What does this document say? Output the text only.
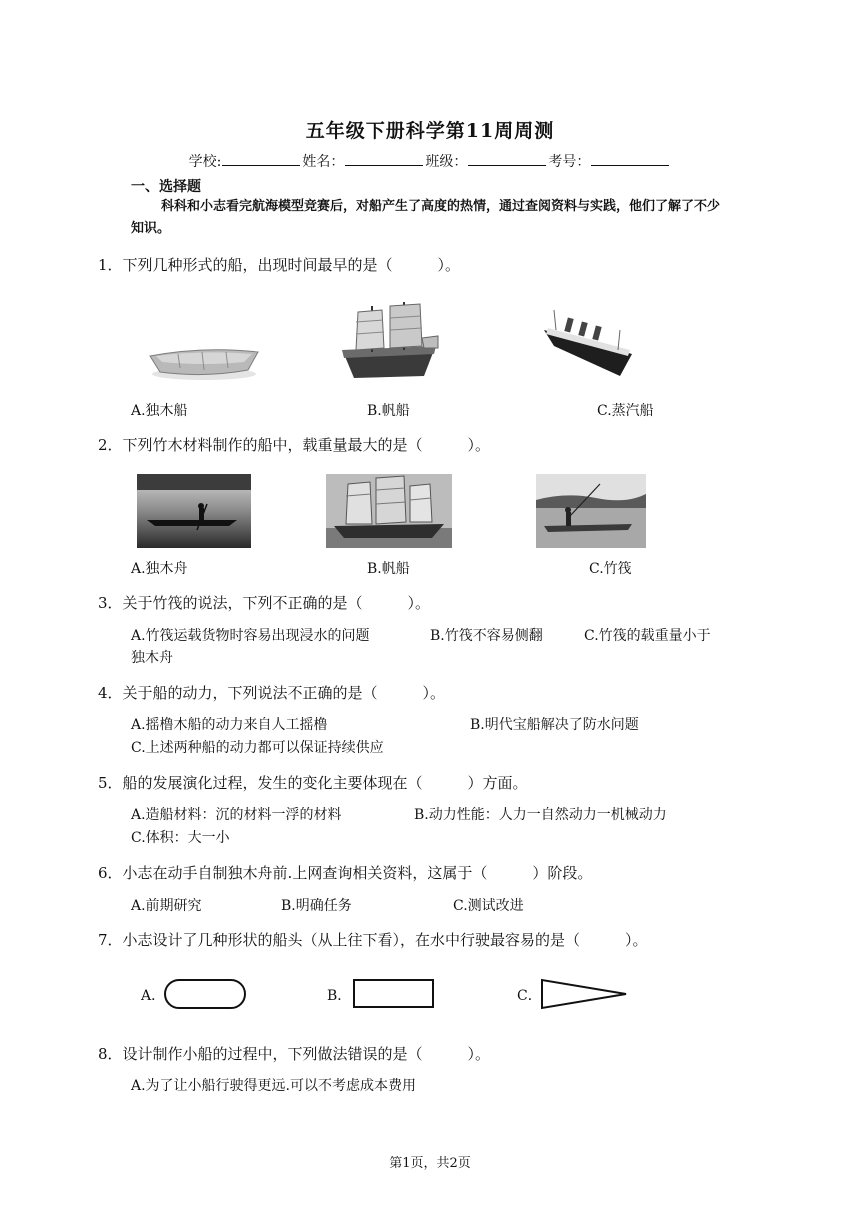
五年级下册科学第11周周测
学校:	姓名：	班级：	考号：
一、选择题
科科和小志看完航海模型竞赛后，对船产生了高度的热情，通过查阅资料与实践，他们了解了不少知识。
1．下列几种形式的船，出现时间最早的是（　　　）。
A.独木船	B.帆船	C.蒸汽船
2．下列竹木材料制作的船中，载重量最大的是（　　　）。
A.独木舟	B.帆船	C.竹筏
3．关于竹筏的说法，下列不正确的是（　　　）。
A.竹筏运载货物时容易出现浸水的问题	B.竹筏不容易侧翻	C.竹筏的载重量小于
独木舟
4．关于船的动力，下列说法不正确的是（　　　）。
A.摇橹木船的动力来自人工摇橹	B.明代宝船解决了防水问题
C.上述两种船的动力都可以保证持续供应
5．船的发展演化过程，发生的变化主要体现在（　　　）方面。
A.造船材料：沉的材料一浮的材料	B.动力性能：人力一自然动力一机械动力
C.体积：大一小
6．小志在动手自制独木舟前.上网查询相关资料，这属于（　　　）阶段。
A.前期研究	B.明确任务	C.测试改进
7．小志设计了几种形状的船头（从上往下看），在水中行驶最容易的是（　　　）。
A．	B．	C．
8．设计制作小船的过程中，下列做法错误的是（　　　）。
A.为了让小船行驶得更远.可以不考虑成本费用
第1页，共2页
